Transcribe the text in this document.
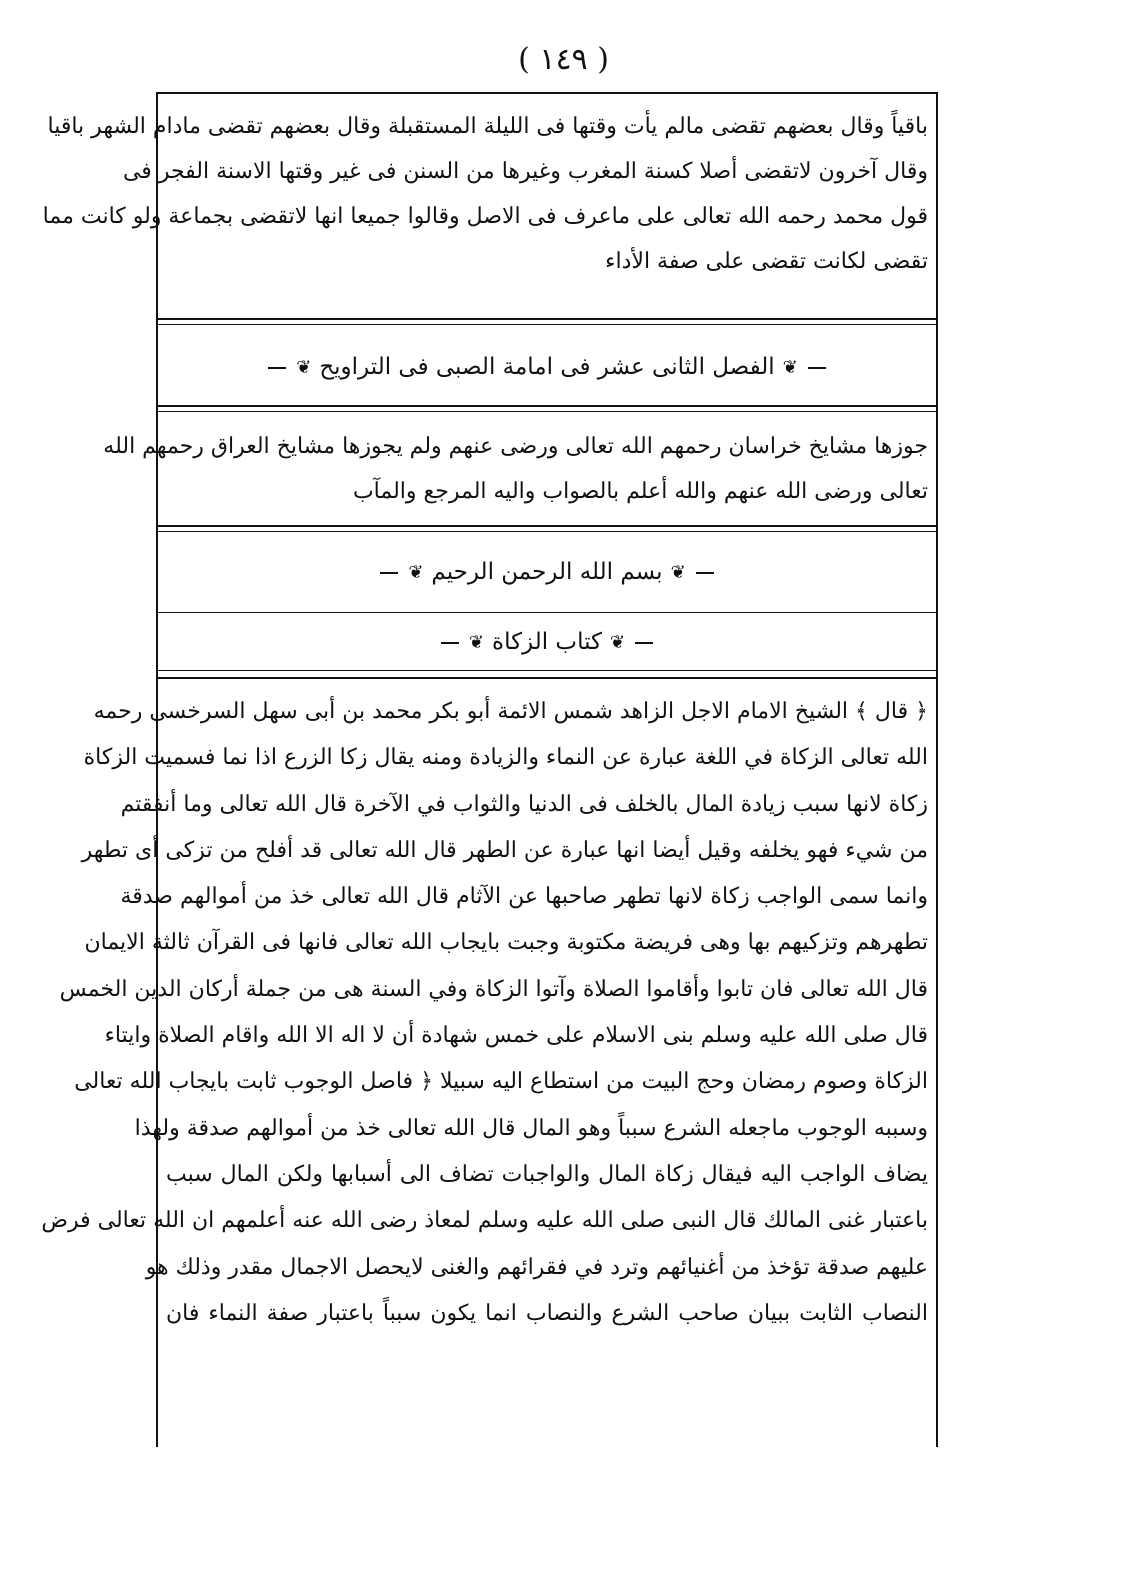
( ١٤٩ )

باقياً وقال بعضهم تقضى مالم يأت وقتها فى الليلة المستقبلة وقال بعضهم تقضى مادام الشهر باقيا

وقال آخرون لاتقضى أصلا كسنة المغرب وغيرها من السنن فى غير وقتها الاسنة الفجر فى

قول محمد رحمه الله تعالى على ماعرف فى الاصل وقالوا جميعا انها لاتقضى بجماعة ولو كانت مما

تقضى لكانت تقضى على صفة الأداء

❦الفصل الثانى عشر فى امامة الصبى فى التراويح❦

جوزها مشايخ خراسان رحمهم الله تعالى ورضى عنهم ولم يجوزها مشايخ العراق رحمهم الله

تعالى ورضى الله عنهم والله أعلم بالصواب واليه المرجع والمآب

❦بسم الله الرحمن الرحيم❦
❦كتاب الزكاة❦

﴿ قال ﴾ الشيخ الامام الاجل الزاهد شمس الائمة أبو بكر محمد بن أبى سهل السرخسى رحمه

الله تعالى الزكاة في اللغة عبارة عن النماء والزيادة ومنه يقال زكا الزرع اذا نما فسميت الزكاة

زكاة لانها سبب زيادة المال بالخلف فى الدنيا والثواب في الآخرة قال الله تعالى وما أنفقتم

من شيء فهو يخلفه وقيل أيضا انها عبارة عن الطهر قال الله تعالى قد أفلح من تزكى أى تطهر

وانما سمى الواجب زكاة لانها تطهر صاحبها عن الآثام قال الله تعالى خذ من أموالهم صدقة

تطهرهم وتزكيهم بها وهى فريضة مكتوبة وجبت بايجاب الله تعالى فانها فى القرآن ثالثة الايمان

قال الله تعالى فان تابوا وأقاموا الصلاة وآتوا الزكاة وفي السنة هى من جملة أركان الدين الخمس

قال صلى الله عليه وسلم بنى الاسلام على خمس شهادة أن لا اله الا الله واقام الصلاة وايتاء

الزكاة وصوم رمضان وحج البيت من استطاع اليه سبيلا ﴿ فاصل الوجوب ثابت بايجاب الله تعالى

وسببه الوجوب ماجعله الشرع سبباً وهو المال قال الله تعالى خذ من أموالهم صدقة ولهذا

يضاف الواجب اليه فيقال زكاة المال والواجبات تضاف الى أسبابها ولكن المال سبب

باعتبار غنى المالك قال النبى صلى الله عليه وسلم لمعاذ رضى الله عنه أعلمهم ان الله تعالى فرض

عليهم صدقة تؤخذ من أغنيائهم وترد في فقرائهم والغنى لايحصل الاجمال مقدر وذلك هو

النصاب الثابت ببيان صاحب الشرع والنصاب انما يكون سبباً باعتبار صفة النماء فان
